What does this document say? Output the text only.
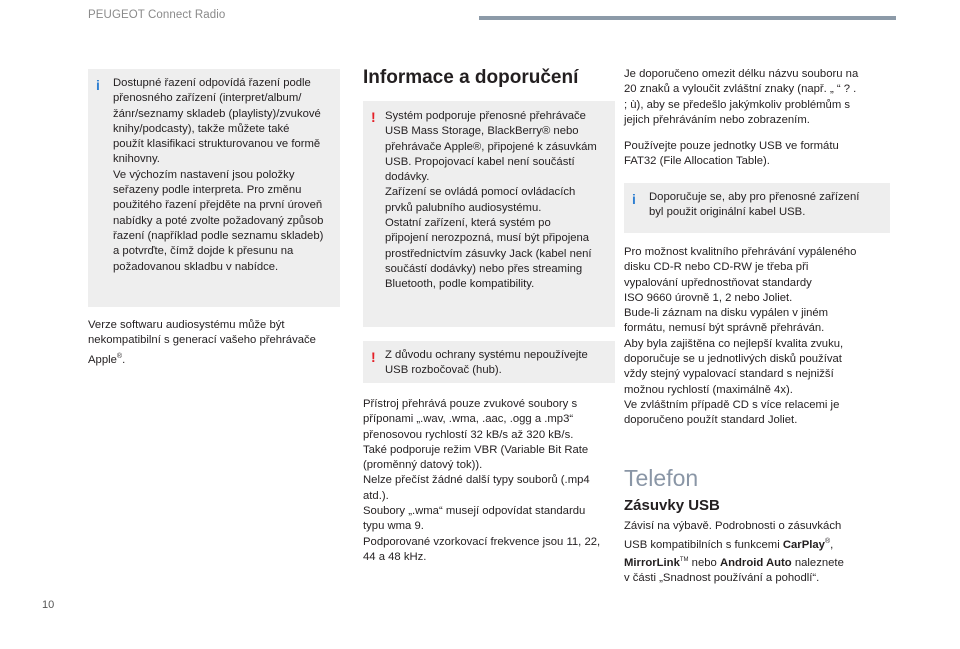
PEUGEOT Connect Radio
i Dostupné řazení odpovídá řazení podle
přenosného zařízení (interpret/album/
žánr/seznamy skladeb (playlisty)/zvukové
knihy/podcasty), takže můžete také
použít klasifikaci strukturovanou ve formě
knihovny.
Ve výchozím nastavení jsou položky
seřazeny podle interpreta. Pro změnu
použitého řazení přejděte na první úroveň
nabídky a poté zvolte požadovaný způsob
řazení (například podle seznamu skladeb)
a potvrďte, čímž dojde k přesunu na
požadovanou skladbu v nabídce.

Verze softwaru audiosystému může být
nekompatibilní s generací vašeho přehrávače
Apple®.

Informace a doporučení
! Systém podporuje přenosné přehrávače
USB Mass Storage, BlackBerry® nebo
přehrávače Apple®, připojené k zásuvkám
USB. Propojovací kabel není součástí
dodávky.
Zařízení se ovládá pomocí ovládacích
prvků palubního audiosystému.
Ostatní zařízení, která systém po
připojení nerozpozná, musí být připojena
prostřednictvím zásuvky Jack (kabel není
součástí dodávky) nebo přes streaming
Bluetooth, podle kompatibility.
! Z důvodu ochrany systému nepoužívejte
USB rozbočovač (hub).
Přístroj přehrává pouze zvukové soubory s
příponami „.wav, .wma, .aac, .ogg a .mp3“
přenosovou rychlostí 32 kB/s až 320 kB/s.
Také podporuje režim VBR (Variable Bit Rate
(proměnný datový tok)).
Nelze přečíst žádné další typy souborů (.mp4
atd.).
Soubory „.wma“ musejí odpovídat standardu
typu wma 9.
Podporované vzorkovací frekvence jsou 11, 22,
44 a 48 kHz.
Je doporučeno omezit délku názvu souboru na
20 znaků a vyloučit zvláštní znaky (např. „ “ ? .
; ù), aby se předešlo jakýmkoliv problémům s
jejich přehráváním nebo zobrazením.
Používejte pouze jednotky USB ve formátu
FAT32 (File Allocation Table).
i Doporučuje se, aby pro přenosné zařízení
byl použit originální kabel USB.
Pro možnost kvalitního přehrávání vypáleného
disku CD-R nebo CD-RW je třeba při
vypalování upřednostňovat standardy
ISO 9660 úrovně 1, 2 nebo Joliet.
Bude-li záznam na disku vypálen v jiném
formátu, nemusí být správně přehráván.
Aby byla zajištěna co nejlepší kvalita zvuku,
doporučuje se u jednotlivých disků používat
vždy stejný vypalovací standard s nejnižší
možnou rychlostí (maximálně 4x).
Ve zvláštním případě CD s více relacemi je
doporučeno použít standard Joliet.
Telefon
Zásuvky USB

Závisí na výbavě. Podrobnosti o zásuvkách
USB kompatibilních s funkcemi CarPlay®,
MirrorLink™ nebo Android Auto naleznete
v části „Snadnost používání a pohodlí“.

10
